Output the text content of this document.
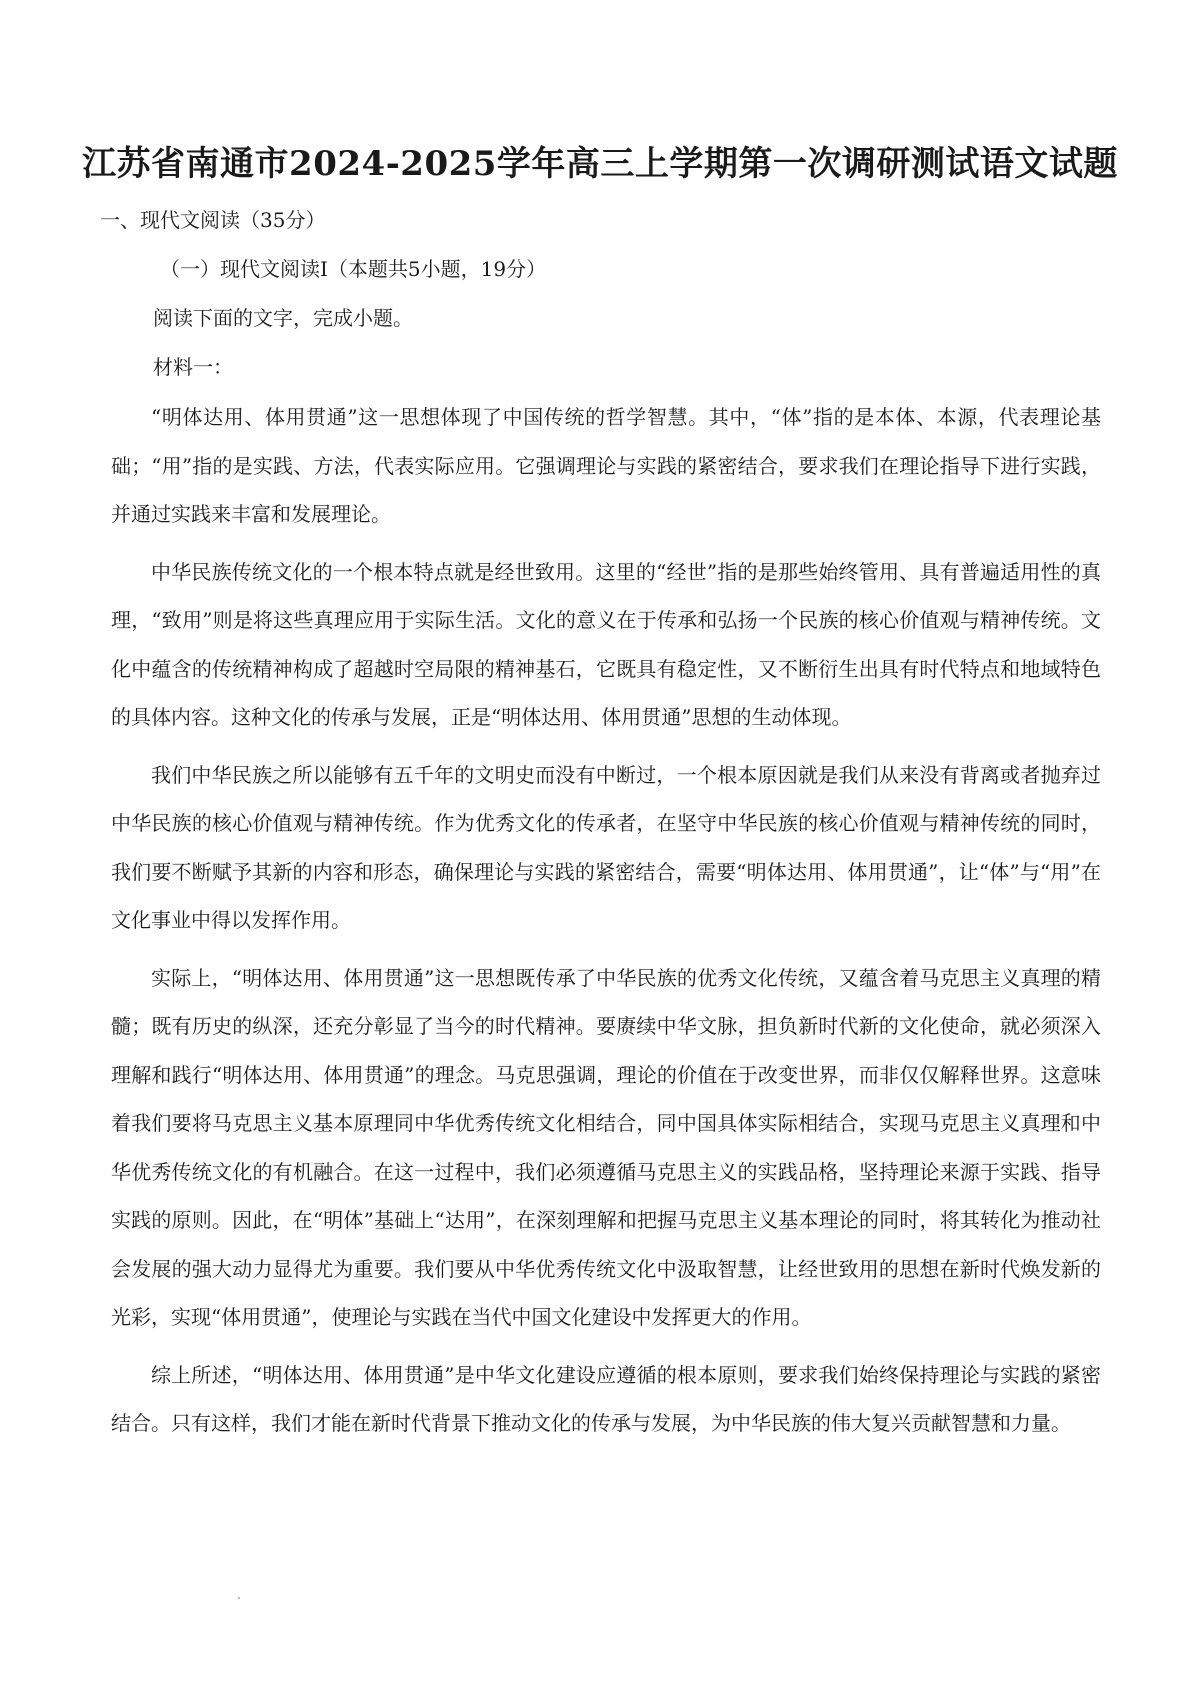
江苏省南通市2024-2025学年高三上学期第一次调研测试语文试题
一、现代文阅读（35分）
（一）现代文阅读Ⅰ（本题共5小题，19分）
阅读下面的文字，完成小题。
材料一：

“明体达用、体用贯通”这一思想体现了中国传统的哲学智慧。其中，“体”指的是本体、本源，代表理论基础；“用”指的是实践、方法，代表实际应用。它强调理论与实践的紧密结合，要求我们在理论指导下进行实践，并通过实践来丰富和发展理论。

中华民族传统文化的一个根本特点就是经世致用。这里的“经世”指的是那些始终管用、具有普遍适用性的真理，“致用”则是将这些真理应用于实际生活。文化的意义在于传承和弘扬一个民族的核心价值观与精神传统。文化中蕴含的传统精神构成了超越时空局限的精神基石，它既具有稳定性，又不断衍生出具有时代特点和地域特色的具体内容。这种文化的传承与发展，正是“明体达用、体用贯通”思想的生动体现。

我们中华民族之所以能够有五千年的文明史而没有中断过，一个根本原因就是我们从来没有背离或者抛弃过中华民族的核心价值观与精神传统。作为优秀文化的传承者，在坚守中华民族的核心价值观与精神传统的同时，我们要不断赋予其新的内容和形态，确保理论与实践的紧密结合，需要“明体达用、体用贯通”，让“体”与“用”在文化事业中得以发挥作用。

实际上，“明体达用、体用贯通”这一思想既传承了中华民族的优秀文化传统，又蕴含着马克思主义真理的精髓；既有历史的纵深，还充分彰显了当今的时代精神。要赓续中华文脉，担负新时代新的文化使命，就必须深入理解和践行“明体达用、体用贯通”的理念。马克思强调，理论的价值在于改变世界，而非仅仅解释世界。这意味着我们要将马克思主义基本原理同中华优秀传统文化相结合，同中国具体实际相结合，实现马克思主义真理和中华优秀传统文化的有机融合。在这一过程中，我们必须遵循马克思主义的实践品格，坚持理论来源于实践、指导实践的原则。因此，在“明体”基础上“达用”，在深刻理解和把握马克思主义基本理论的同时，将其转化为推动社会发展的强大动力显得尤为重要。我们要从中华优秀传统文化中汲取智慧，让经世致用的思想在新时代焕发新的光彩，实现“体用贯通”，使理论与实践在当代中国文化建设中发挥更大的作用。

综上所述，“明体达用、体用贯通”是中华文化建设应遵循的根本原则，要求我们始终保持理论与实践的紧密结合。只有这样，我们才能在新时代背景下推动文化的传承与发展，为中华民族的伟大复兴贡献智慧和力量。
